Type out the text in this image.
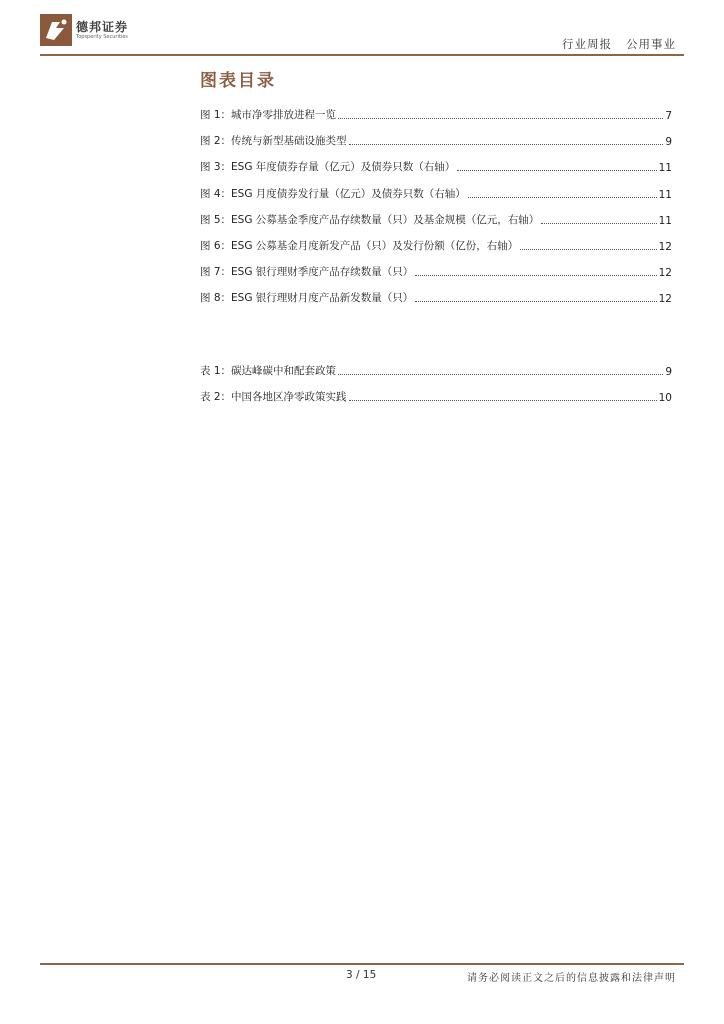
德邦证券
Topsperity Securities
行业周报 公用事业
图表目录
图 1：城市净零排放进程一览	7
图 2：传统与新型基础设施类型	9
图 3：ESG 年度债券存量（亿元）及债券只数（右轴）	11
图 4：ESG 月度债券发行量（亿元）及债券只数（右轴）	11
图 5：ESG 公募基金季度产品存续数量（只）及基金规模（亿元，右轴）	11
图 6：ESG 公募基金月度新发产品（只）及发行份额（亿份，右轴）	12
图 7：ESG 银行理财季度产品存续数量（只）	12
图 8：ESG 银行理财月度产品新发数量（只）	12
表 1：碳达峰碳中和配套政策	9
表 2：中国各地区净零政策实践	10
3 / 15	请务必阅读正文之后的信息披露和法律声明
